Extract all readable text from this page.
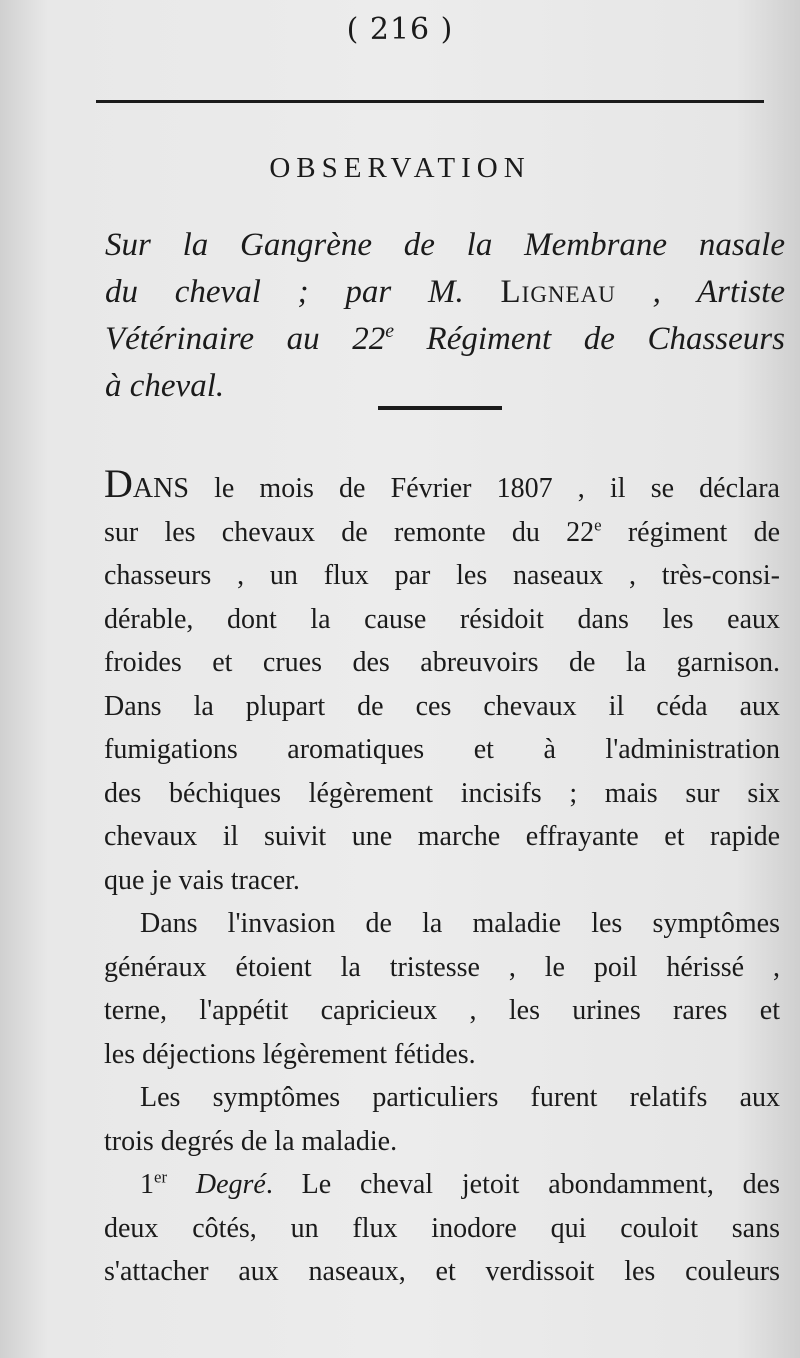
( 216 )
OBSERVATION
Sur la Gangrène de la Membrane nasale
du cheval ; par M. Ligneau , Artiste
Vétérinaire au 22e Régiment de Chasseurs
à cheval.
Dans le mois de Février 1807 , il se déclara
sur les chevaux de remonte du 22e régiment de
chasseurs , un flux par les naseaux , très-consi-
dérable, dont la cause résidoit dans les eaux
froides et crues des abreuvoirs de la garnison.
Dans la plupart de ces chevaux il céda aux
fumigations aromatiques et à l'administration
des béchiques légèrement incisifs ; mais sur six
chevaux il suivit une marche effrayante et rapide
que je vais tracer.
Dans l'invasion de la maladie les symptômes
généraux étoient la tristesse , le poil hérissé ,
terne, l'appétit capricieux , les urines rares et
les déjections légèrement fétides.
Les symptômes particuliers furent relatifs aux
trois degrés de la maladie.
1er Degré. Le cheval jetoit abondamment, des
deux côtés, un flux inodore qui couloit sans
s'attacher aux naseaux, et verdissoit les couleurs
